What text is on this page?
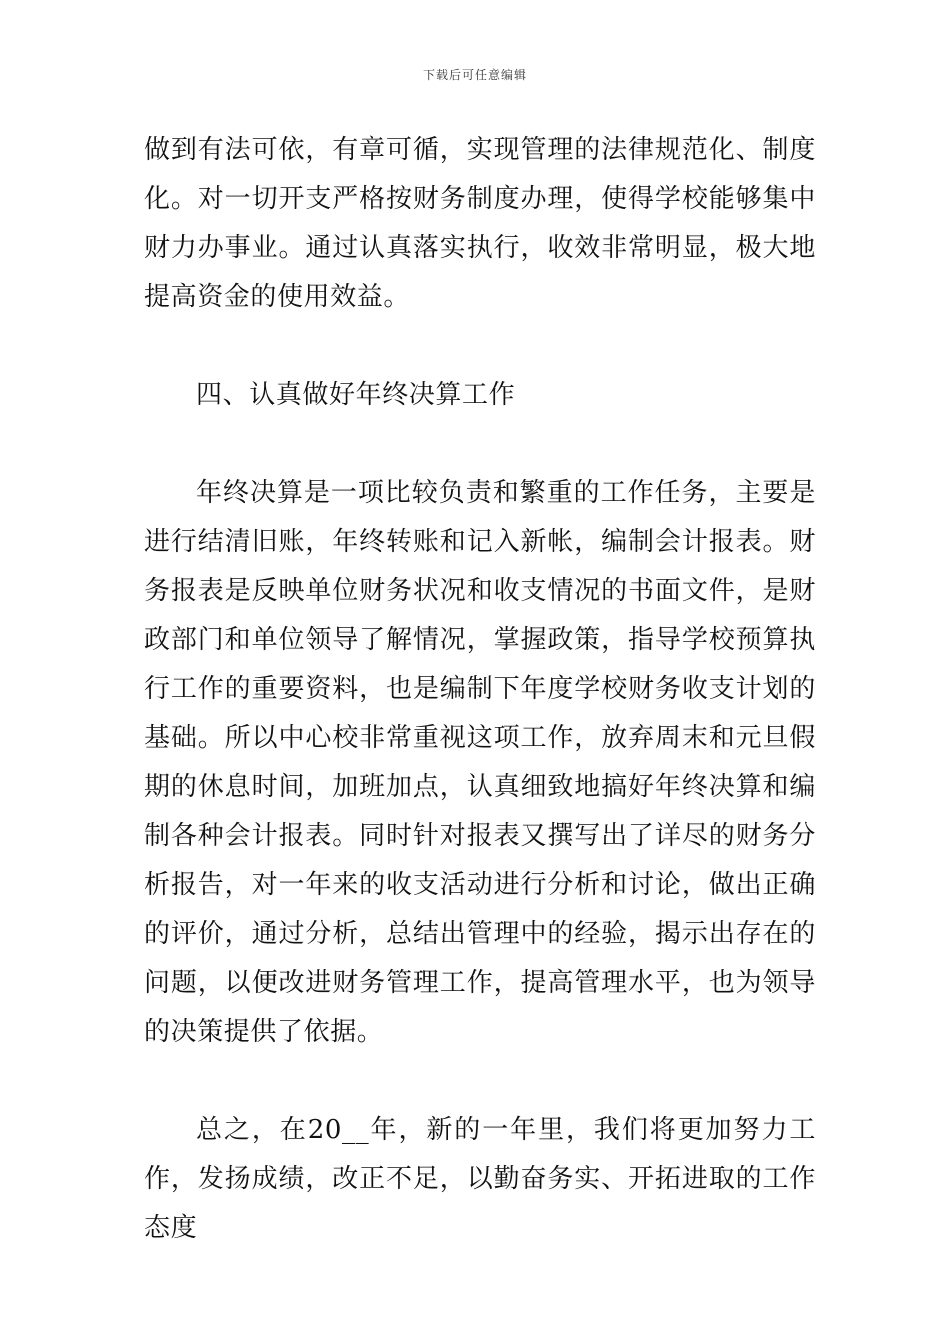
下载后可任意编辑

做到有法可依，有章可循，实现管理的法律规范化、制度化。对一切开支严格按财务制度办理，使得学校能够集中财力办事业。通过认真落实执行，收效非常明显，极大地提高资金的使用效益。

四、认真做好年终决算工作

年终决算是一项比较负责和繁重的工作任务，主要是进行结清旧账，年终转账和记入新帐，编制会计报表。财务报表是反映单位财务状况和收支情况的书面文件，是财政部门和单位领导了解情况，掌握政策，指导学校预算执行工作的重要资料，也是编制下年度学校财务收支计划的基础。所以中心校非常重视这项工作，放弃周末和元旦假期的休息时间，加班加点，认真细致地搞好年终决算和编制各种会计报表。同时针对报表又撰写出了详尽的财务分析报告，对一年来的收支活动进行分析和讨论，做出正确的评价，通过分析，总结出管理中的经验，揭示出存在的问题，以便改进财务管理工作，提高管理水平，也为领导的决策提供了依据。

总之，在20__年，新的一年里，我们将更加努力工作，发扬成绩，改正不足，以勤奋务实、开拓进取的工作态度
